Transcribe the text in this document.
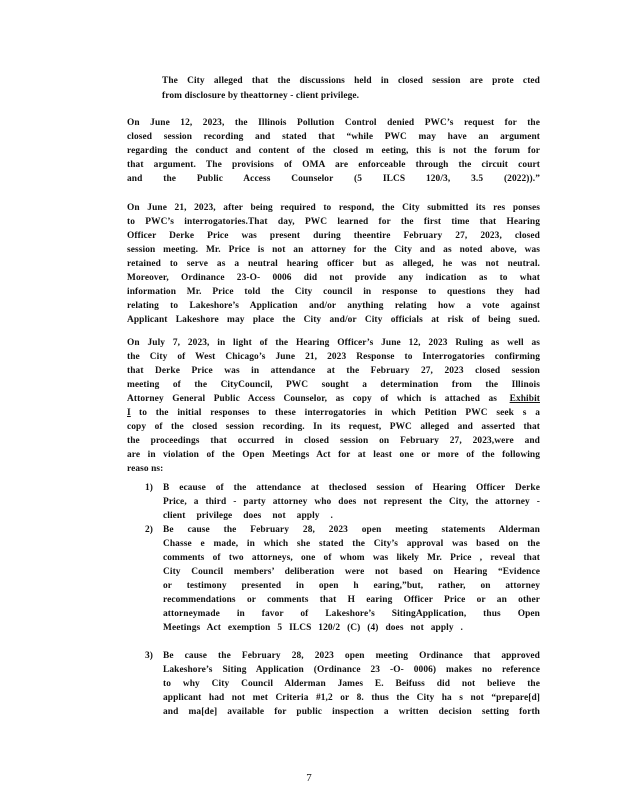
The City alleged that the discussions held in closed session are prote cted
from disclosure by theattorney - client privilege.
On June 12, 2023, the Illinois Pollution Control denied PWC’s request for the
closed session recording and stated that “while PWC may have an argument
regarding the conduct and content of the closed m eeting, this is not the forum for
that argument. The provisions of OMA are enforceable through the circuit court
and the Public Access Counselor (5 ILCS 120/3, 3.5 (2022)).”
On June 21, 2023, after being required to respond, the City submitted its res ponses
to PWC’s interrogatories.That day, PWC learned for the first time that Hearing
Officer Derke Price was present during theentire February 27, 2023, closed
session meeting. Mr. Price is not an attorney for the City and as noted above, was
retained to serve as a neutral hearing officer but as alleged, he was not neutral.
Moreover, Ordinance 23-O- 0006 did not provide any indication as to what
information Mr. Price told the City council in response to questions they had
relating to Lakeshore’s Application and/or anything relating how a vote against
Applicant Lakeshore may place the City and/or City officials at risk of being sued.
On July 7, 2023, in light of the Hearing Officer’s June 12, 2023 Ruling as well as
the City of West Chicago’s June 21, 2023 Response to Interrogatories confirming
that Derke Price was in attendance at the February 27, 2023 closed session
meeting of the CityCouncil, PWC sought a determination from the Illinois
Attorney General Public Access Counselor, as copy of which is attached as	Exhibit
I to the initial responses to these interrogatories in which Petition PWC seek s a
copy of the closed session recording. In its request, PWC alleged and asserted that
the proceedings that occurred in closed session on February 27, 2023,were and
are in violation of the Open Meetings Act for at least one or more of the following
reaso ns:
1) B ecause of the attendance at theclosed session of Hearing Officer Derke
Price, a third - party attorney who does not represent the City, the attorney -
client privilege does not apply .
2) Be cause the February 28, 2023 open meeting statements Alderman
Chasse e made, in which she stated the City’s approval was based on the
comments of two attorneys, one of whom was likely Mr. Price , reveal that
City Council members’ deliberation were not based on Hearing “Evidence
or testimony presented in open h earing,”but, rather, on attorney
recommendations or comments that H earing Officer Price or an other
attorneymade in favor of Lakeshore’s SitingApplication, thus Open
Meetings Act exemption 5 ILCS 120/2 (C) (4) does not apply .
3) Be cause the February 28, 2023 open meeting Ordinance that approved
Lakeshore’s Siting Application (Ordinance 23 -O- 0006) makes no reference
to why City Council Alderman James E. Beifuss did not believe the
applicant had not met Criteria #1,2 or 8. thus the City ha s not “prepare[d]
and ma[de] available for public inspection a written decision setting forth
7
